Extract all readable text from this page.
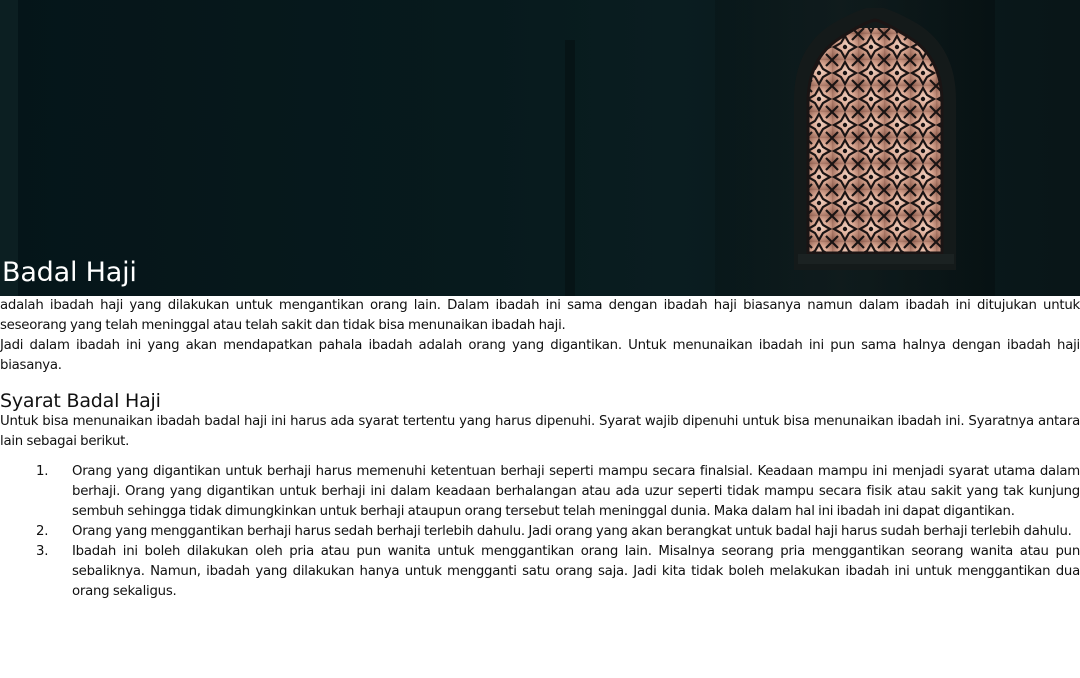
Badal Haji

adalah ibadah haji yang dilakukan untuk mengantikan orang lain. Dalam ibadah ini sama dengan ibadah haji biasanya namun dalam ibadah ini ditujukan untuk seseorang yang telah meninggal atau telah sakit dan tidak bisa menunaikan ibadah haji.

Jadi dalam ibadah ini yang akan mendapatkan pahala ibadah adalah orang yang digantikan. Untuk menunaikan ibadah ini pun sama halnya dengan ibadah haji biasanya.

Syarat Badal Haji

Untuk bisa menunaikan ibadah badal haji ini harus ada syarat tertentu yang harus dipenuhi. Syarat wajib dipenuhi untuk bisa menunaikan ibadah ini. Syaratnya antara lain sebagai berikut.

1.	Orang yang digantikan untuk berhaji harus memenuhi ketentuan berhaji seperti mampu secara finalsial. Keadaan mampu ini menjadi syarat utama dalam berhaji. Orang yang digantikan untuk berhaji ini dalam keadaan berhalangan atau ada uzur seperti tidak mampu secara fisik atau sakit yang tak kunjung sembuh sehingga tidak dimungkinkan untuk berhaji ataupun orang tersebut telah meninggal dunia. Maka dalam hal ini ibadah ini dapat digantikan.
2.	Orang yang menggantikan berhaji harus sedah berhaji terlebih dahulu. Jadi orang yang akan berangkat untuk badal haji harus sudah berhaji terlebih dahulu.
3.	Ibadah ini boleh dilakukan oleh pria atau pun wanita untuk menggantikan orang lain. Misalnya seorang pria menggantikan seorang wanita atau pun sebaliknya. Namun, ibadah yang dilakukan hanya untuk mengganti satu orang saja. Jadi kita tidak boleh melakukan ibadah ini untuk menggantikan dua orang sekaligus.
